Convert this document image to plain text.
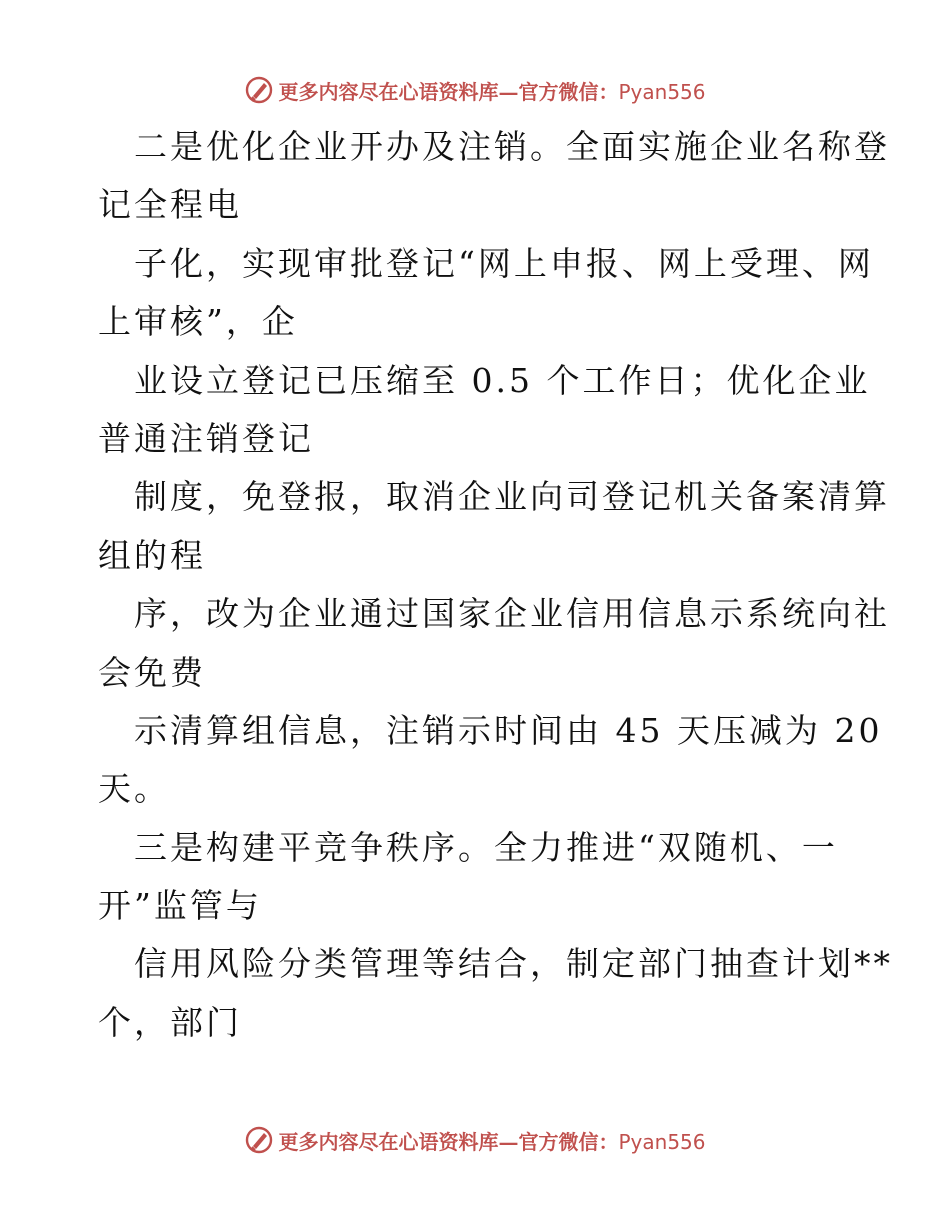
更多内容尽在心语资料库—官方微信：Pyan556
二是优化企业开办及注销。全面实施企业名称登
记全程电
子化，实现审批登记“网上申报、网上受理、网
上审核”，企
业设立登记已压缩至 0.5 个工作日；优化企业
普通注销登记
制度，免登报，取消企业向司登记机关备案清算
组的程
序，改为企业通过国家企业信用信息示系统向社
会免费
示清算组信息，注销示时间由 45 天压减为 20
天。
三是构建平竞争秩序。全力推进“双随机、一
开”监管与
信用风险分类管理等结合，制定部门抽查计划**
个，部门
更多内容尽在心语资料库—官方微信：Pyan556
